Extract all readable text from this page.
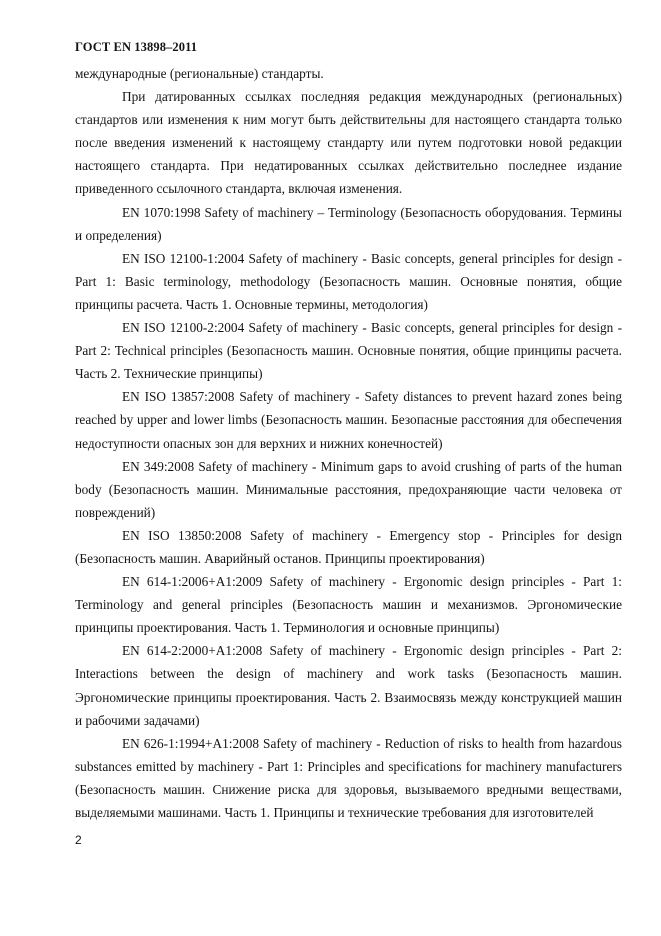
ГОСТ EN 13898–2011

международные (региональные) стандарты.

При датированных ссылках последняя редакция международных (региональных) стандартов или изменения к ним могут быть действительны для настоящего стандарта только после введения изменений к настоящему стандарту или путем подготовки новой редакции настоящего стандарта. При недатированных ссылках действительно последнее издание приведенного ссылочного стандарта, включая изменения.

EN 1070:1998 Safety of machinery – Terminology (Безопасность оборудования. Термины и определения)

EN ISO 12100-1:2004 Safety of machinery - Basic concepts, general principles for design - Part 1: Basic terminology, methodology (Безопасность машин. Основные понятия, общие принципы расчета. Часть 1. Основные термины, методология)

EN ISO 12100-2:2004 Safety of machinery - Basic concepts, general principles for design - Part 2: Technical principles (Безопасность машин. Основные понятия, общие принципы расчета. Часть 2. Технические принципы)

EN ISO 13857:2008 Safety of machinery - Safety distances to prevent hazard zones being reached by upper and lower limbs (Безопасность машин. Безопасные расстояния для обеспечения недоступности опасных зон для верхних и нижних конечностей)

EN 349:2008 Safety of machinery - Minimum gaps to avoid crushing of parts of the human body (Безопасность машин. Минимальные расстояния, предохраняющие части человека от повреждений)

EN ISO 13850:2008 Safety of machinery - Emergency stop - Principles for design (Безопасность машин. Аварийный останов. Принципы проектирования)

EN 614-1:2006+A1:2009 Safety of machinery - Ergonomic design principles - Part 1: Terminology and general principles (Безопасность машин и механизмов. Эргономические принципы проектирования. Часть 1. Терминология и основные принципы)

EN 614-2:2000+A1:2008 Safety of machinery - Ergonomic design principles - Part 2: Interactions between the design of machinery and work tasks (Безопасность машин. Эргономические принципы проектирования. Часть 2. Взаимосвязь между конструкцией машин и рабочими задачами)

EN 626-1:1994+A1:2008 Safety of machinery - Reduction of risks to health from hazardous substances emitted by machinery - Part 1: Principles and specifications for machinery manufacturers (Безопасность машин. Снижение риска для здоровья, вызываемого вредными веществами, выделяемыми машинами. Часть 1. Принципы и технические требования для изготовителей

2
